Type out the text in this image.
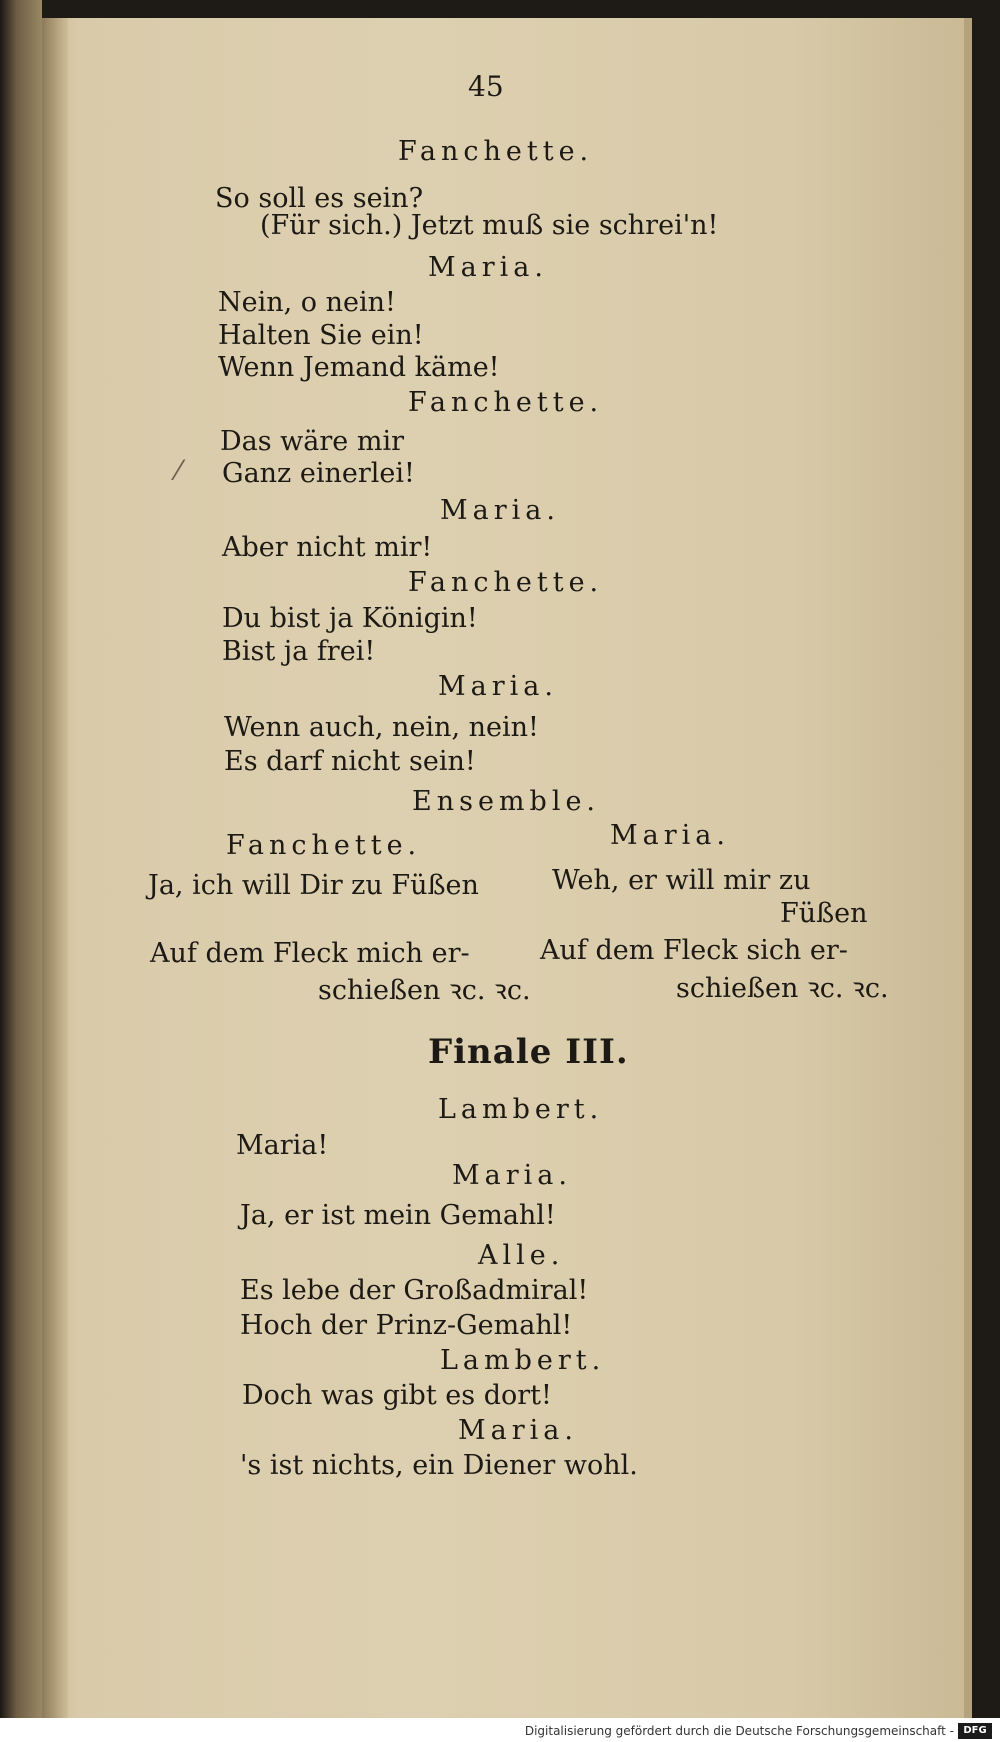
45
Fanchette.
So soll es sein?
(Für sich.) Jetzt muß sie schrei'n!
Maria.
Nein, o nein!
Halten Sie ein!
Wenn Jemand käme!
Fanchette.
Das wäre mir
⁄ Ganz einerlei!
Maria.
Aber nicht mir!
Fanchette.
Du bist ja Königin!
Bist ja frei!
Maria.
Wenn auch, nein, nein!
Es darf nicht sein!
Ensemble.
Fanchette.	Maria.
Ja, ich will Dir zu Füßen	Weh, er will mir zu
Füßen
Auf dem Fleck mich er-	Auf dem Fleck sich er-
schießen ꝛc. ꝛc.	schießen ꝛc. ꝛc.
Finale III.
Lambert.
Maria!
Maria.
Ja, er ist mein Gemahl!
Alle.
Es lebe der Großadmiral!
Hoch der Prinz-Gemahl!
Lambert.
Doch was gibt es dort!
Maria.
's ist nichts, ein Diener wohl.
Digitalisierung gefördert durch die Deutsche Forschungsgemeinschaft - DFG
